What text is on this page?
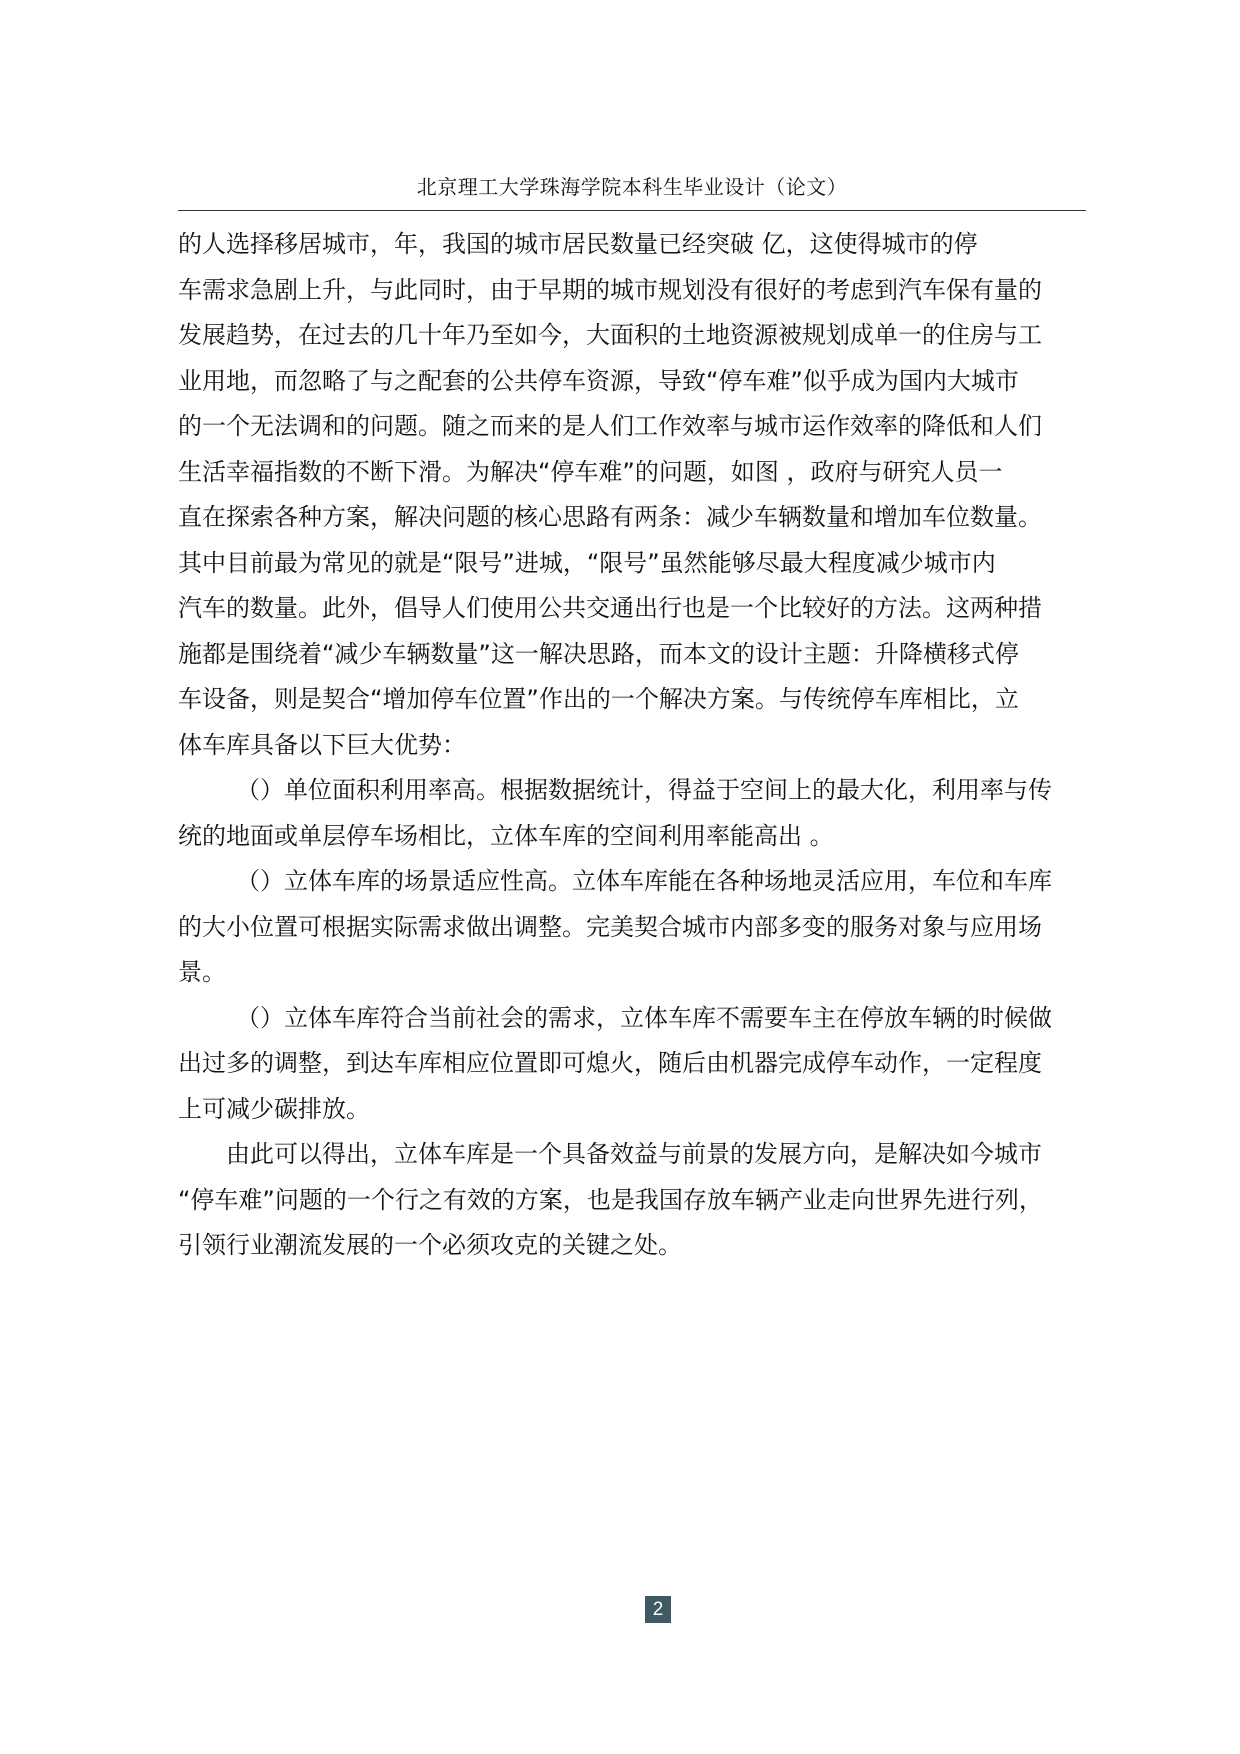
北京理工大学珠海学院本科生毕业设计（论文）
的人选择移居城市，年，我国的城市居民数量已经突破 亿，这使得城市的停
车需求急剧上升，与此同时，由于早期的城市规划没有很好的考虑到汽车保有量的
发展趋势，在过去的几十年乃至如今，大面积的土地资源被规划成单一的住房与工
业用地，而忽略了与之配套的公共停车资源，导致“停车难”似乎成为国内大城市
的一个无法调和的问题。随之而来的是人们工作效率与城市运作效率的降低和人们
生活幸福指数的不断下滑。为解决“停车难”的问题，如图 ，政府与研究人员一
直在探索各种方案，解决问题的核心思路有两条：减少车辆数量和增加车位数量。
其中目前最为常见的就是“限号”进城，“限号”虽然能够尽最大程度减少城市内
汽车的数量。此外，倡导人们使用公共交通出行也是一个比较好的方法。这两种措
施都是围绕着“减少车辆数量”这一解决思路，而本文的设计主题：升降横移式停
车设备，则是契合“增加停车位置”作出的一个解决方案。与传统停车库相比，立
体车库具备以下巨大优势：
（）单位面积利用率高。根据数据统计，得益于空间上的最大化，利用率与传
统的地面或单层停车场相比，立体车库的空间利用率能高出 。
（）立体车库的场景适应性高。立体车库能在各种场地灵活应用，车位和车库
的大小位置可根据实际需求做出调整。完美契合城市内部多变的服务对象与应用场
景。
（）立体车库符合当前社会的需求，立体车库不需要车主在停放车辆的时候做
出过多的调整，到达车库相应位置即可熄火，随后由机器完成停车动作，一定程度
上可减少碳排放。
由此可以得出，立体车库是一个具备效益与前景的发展方向，是解决如今城市
“停车难”问题的一个行之有效的方案，也是我国存放车辆产业走向世界先进行列，
引领行业潮流发展的一个必须攻克的关键之处。
2
